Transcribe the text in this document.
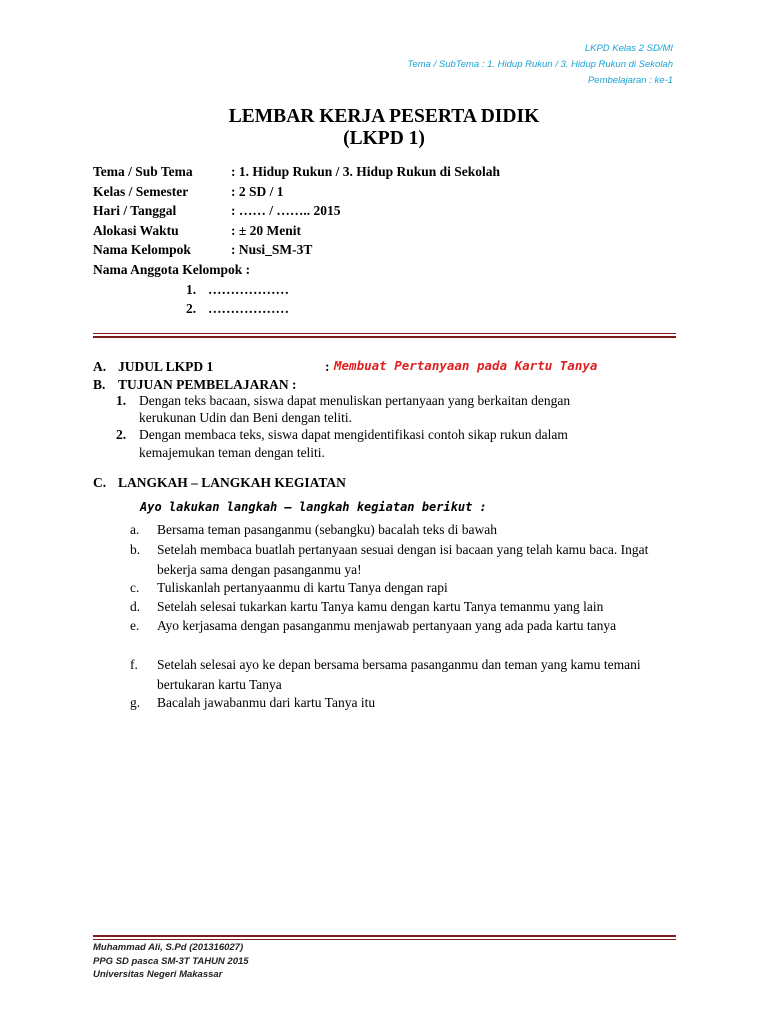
LKPD Kelas 2 SD/MI
Tema / SubTema : 1. Hidup Rukun / 3. Hidup Rukun di Sekolah
Pembelajaran : ke-1
LEMBAR KERJA PESERTA DIDIK
(LKPD 1)
Tema / Sub Tema	: 1. Hidup Rukun / 3. Hidup Rukun di Sekolah
Kelas / Semester	: 2 SD / 1
Hari / Tanggal	: …… / …….. 2015
Alokasi Waktu	: ± 20 Menit
Nama Kelompok	: Nusi_SM-3T
Nama Anggota Kelompok :
1. ………………
2. ………………
A. JUDUL LKPD 1	: Membuat Pertanyaan pada Kartu Tanya
B. TUJUAN PEMBELAJARAN :
1. Dengan teks bacaan, siswa dapat menuliskan pertanyaan yang berkaitan dengan
kerukunan Udin dan Beni dengan teliti.
2. Dengan membaca teks, siswa dapat mengidentifikasi contoh sikap rukun dalam
kemajemukan teman dengan teliti.
C. LANGKAH – LANGKAH KEGIATAN
Ayo lakukan langkah – langkah kegiatan berikut :
a. Bersama teman pasanganmu (sebangku) bacalah teks di bawah
b. Setelah membaca buatlah pertanyaan sesuai dengan isi bacaan yang telah kamu baca. Ingat bekerja sama dengan pasanganmu ya!
c. Tuliskanlah pertanyaanmu di kartu Tanya dengan rapi
d. Setelah selesai tukarkan kartu Tanya kamu dengan kartu Tanya temanmu yang lain
e. Ayo kerjasama dengan pasanganmu menjawab pertanyaan yang ada pada kartu tanya
f. Setelah selesai ayo ke depan bersama bersama pasanganmu dan teman yang kamu temani bertukaran kartu Tanya
g. Bacalah jawabanmu dari kartu Tanya itu
Muhammad Ali, S.Pd (201316027)
PPG SD pasca SM-3T TAHUN 2015
Universitas Negeri Makassar
